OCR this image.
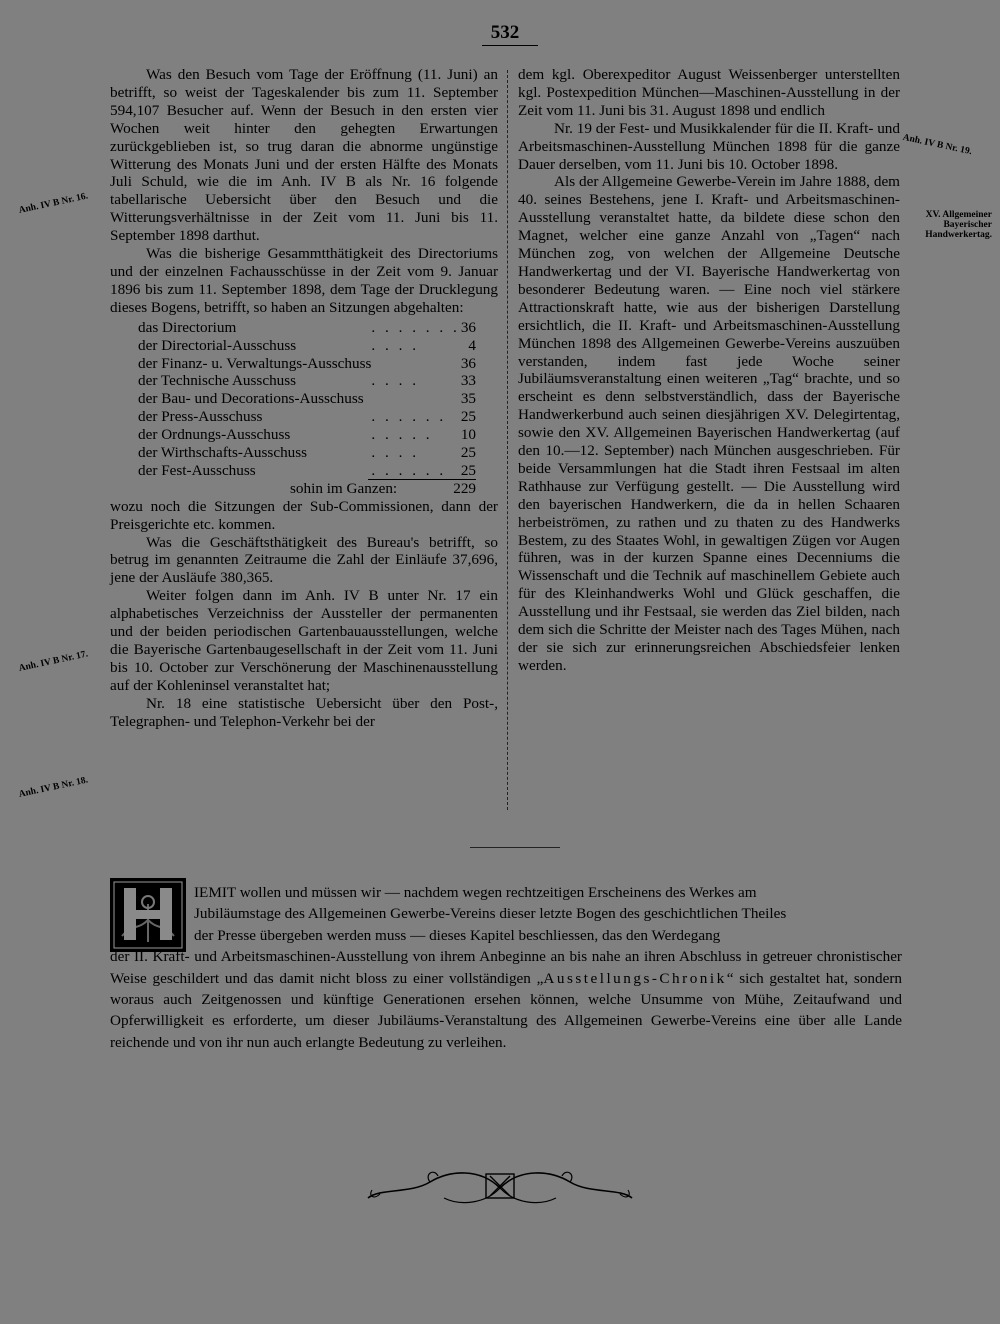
532
Anh. IV B Nr. 16.
Anh. IV B Nr. 17.
Anh. IV B Nr. 18.
Anh. IV B Nr. 19.
XV. Allgemeiner
Bayerischer
Handwerkertag.

Was den Besuch vom Tage der Eröffnung (11. Juni) an betrifft, so weist der Tageskalender bis zum 11. September 594,107 Besucher auf. Wenn der Besuch in den ersten vier Wochen weit hinter den gehegten Erwartungen zurückgeblieben ist, so trug daran die abnorme ungünstige Witterung des Monats Juni und der ersten Hälfte des Monats Juli Schuld, wie die im Anh. IV B als Nr. 16 folgende tabellarische Uebersicht über den Besuch und die Witterungsverhältnisse in der Zeit vom 11. Juni bis 11. September 1898 darthut.

Was die bisherige Gesammtthätigkeit des Directoriums und der einzelnen Fachausschüsse in der Zeit vom 9. Januar 1896 bis zum 11. September 1898, dem Tage der Drucklegung dieses Bogens, betrifft, so haben an Sitzungen abgehalten:

das Directorium	. . . . . . .	36
der Directorial-Ausschuss	. . . .	4
der Finanz- u. Verwaltungs-Ausschuss		36
der Technische Ausschuss	. . . .	33
der Bau- und Decorations-Ausschuss		35
der Press-Ausschuss	. . . . . .	25
der Ordnungs-Ausschuss	. . . . .	10
der Wirthschafts-Ausschuss	. . . .	25
der Fest-Ausschuss	. . . . . .	25
sohin im Ganzen:	229

wozu noch die Sitzungen der Sub-Commissionen, dann der Preisgerichte etc. kommen.

Was die Geschäftsthätigkeit des Bureau's betrifft, so betrug im genannten Zeitraume die Zahl der Einläufe 37,696, jene der Ausläufe 380,365.

Weiter folgen dann im Anh. IV B unter Nr. 17 ein alphabetisches Verzeichniss der Aussteller der permanenten und der beiden periodischen Gartenbauausstellungen, welche die Bayerische Gartenbaugesellschaft in der Zeit vom 11. Juni bis 10. October zur Verschönerung der Maschinenausstellung auf der Kohleninsel veranstaltet hat;

Nr. 18 eine statistische Uebersicht über den Post-, Telegraphen- und Telephon-Verkehr bei der

dem kgl. Oberexpeditor August Weissenberger unterstellten kgl. Postexpedition München—Maschinen-Ausstellung in der Zeit vom 11. Juni bis 31. August 1898 und endlich

Nr. 19 der Fest- und Musikkalender für die II. Kraft- und Arbeitsmaschinen-Ausstellung München 1898 für die ganze Dauer derselben, vom 11. Juni bis 10. October 1898.

Als der Allgemeine Gewerbe-Verein im Jahre 1888, dem 40. seines Bestehens, jene I. Kraft- und Arbeitsmaschinen-Ausstellung veranstaltet hatte, da bildete diese schon den Magnet, welcher eine ganze Anzahl von „Tagen“ nach München zog, von welchen der Allgemeine Deutsche Handwerkertag und der VI. Bayerische Handwerkertag von besonderer Bedeutung waren. — Eine noch viel stärkere Attractionskraft hatte, wie aus der bisherigen Darstellung ersichtlich, die II. Kraft- und Arbeitsmaschinen-Ausstellung München 1898 des Allgemeinen Gewerbe-Vereins auszuüben verstanden, indem fast jede Woche seiner Jubiläumsveranstaltung einen weiteren „Tag“ brachte, und so erscheint es denn selbstverständlich, dass der Bayerische Handwerkerbund auch seinen diesjährigen XV. Delegirtentag, sowie den XV. Allgemeinen Bayerischen Handwerkertag (auf den 10.—12. September) nach München ausgeschrieben. Für beide Versammlungen hat die Stadt ihren Festsaal im alten Rathhause zur Verfügung gestellt. — Die Ausstellung wird den bayerischen Handwerkern, die da in hellen Schaaren herbeiströmen, zu rathen und zu thaten zu des Handwerks Bestem, zu des Staates Wohl, in gewaltigen Zügen vor Augen führen, was in der kurzen Spanne eines Decenniums die Wissenschaft und die Technik auf maschinellem Gebiete auch für des Kleinhandwerks Wohl und Glück geschaffen, die Ausstellung und ihr Festsaal, sie werden das Ziel bilden, nach dem sich die Schritte der Meister nach des Tages Mühen, nach der sie sich zur erinnerungsreichen Abschiedsfeier lenken werden.

H
IEMIT wollen und müssen wir — nachdem wegen rechtzeitigen Erscheinens des Werkes am
Jubiläumstage des Allgemeinen Gewerbe-Vereins dieser letzte Bogen des geschichtlichen Theiles
der Presse übergeben werden muss — dieses Kapitel beschliessen, das den Werdegang
der II. Kraft- und Arbeitsmaschinen-Ausstellung von ihrem Anbeginne an bis nahe an ihren Abschluss in getreuer chronistischer Weise geschildert und das damit nicht bloss zu einer vollständigen „Ausstellungs-Chronik“ sich gestaltet hat, sondern woraus auch Zeitgenossen und künftige Generationen ersehen können, welche Unsumme von Mühe, Zeitaufwand und Opferwilligkeit es erforderte, um dieser Jubiläums-Veranstaltung des Allgemeinen Gewerbe-Vereins eine über alle Lande reichende und von ihr nun auch erlangte Bedeutung zu verleihen.
